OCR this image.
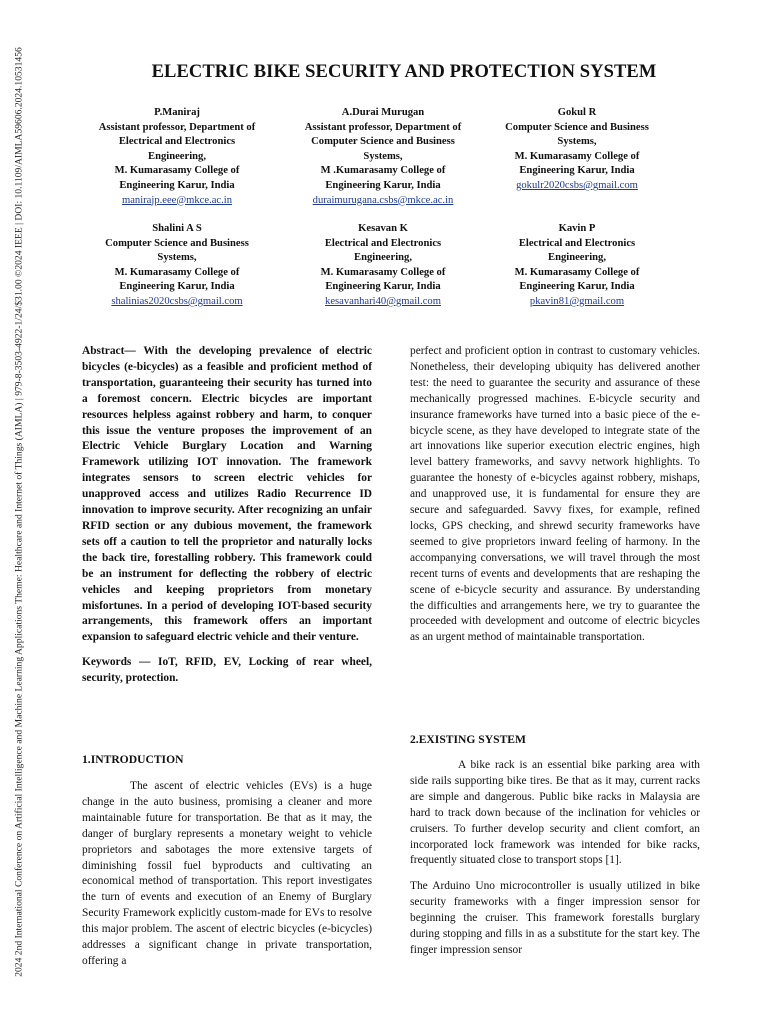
2024 2nd International Conference on Artificial Intelligence and Machine Learning Applications Theme: Healthcare and Internet of Things (AIMLA) | 979-8-3503-4922-1/24/$31.00 ©2024 IEEE | DOI: 10.1109/AIMLA59606.2024.10531456	ELECTRIC BIKE SECURITY AND PROTECTION SYSTEM
P.Maniraj
Assistant professor, Department of
Electrical and Electronics
Engineering,
M. Kumarasamy College of
Engineering Karur, India
manirajp.eee@mkce.ac.in
A.Durai Murugan
Assistant professor, Department of
Computer Science and Business
Systems,
M .Kumarasamy College of
Engineering Karur, India
duraimurugana.csbs@mkce.ac.in
Gokul R
Computer Science and Business
Systems,
M. Kumarasamy College of
Engineering Karur, India
gokulr2020csbs@gmail.com
Shalini A S
Computer Science and Business
Systems,
M. Kumarasamy College of
Engineering Karur, India
shalinias2020csbs@gmail.com
Kesavan K
Electrical and Electronics
Engineering,
M. Kumarasamy College of
Engineering Karur, India
kesavanhari40@gmail.com
Kavin P
Electrical and Electronics
Engineering,
M. Kumarasamy College of
Engineering Karur, India
pkavin81@gmail.com

Abstract— With the developing prevalence of electric bicycles (e-bicycles) as a feasible and proficient method of transportation, guaranteeing their security has turned into a foremost concern. Electric bicycles are important resources helpless against robbery and harm, to conquer this issue the venture proposes the improvement of an Electric Vehicle Burglary Location and Warning Framework utilizing IOT innovation. The framework integrates sensors to screen electric vehicles for unapproved access and utilizes Radio Recurrence ID innovation to improve security. After recognizing an unfair RFID section or any dubious movement, the framework sets off a caution to tell the proprietor and naturally locks the back tire, forestalling robbery. This framework could be an instrument for deflecting the robbery of electric vehicles and keeping proprietors from monetary misfortunes. In a period of developing IOT-based security arrangements, this framework offers an important expansion to safeguard electric vehicle and their venture.

Keywords — IoT, RFID, EV, Locking of rear wheel, security, protection.

1.INTRODUCTION

The ascent of electric vehicles (EVs) is a huge change in the auto business, promising a cleaner and more maintainable future for transportation. Be that as it may, the danger of burglary represents a monetary weight to vehicle proprietors and sabotages the more extensive targets of diminishing fossil fuel byproducts and cultivating an economical method of transportation. This report investigates the turn of events and execution of an Enemy of Burglary Security Framework explicitly custom-made for EVs to resolve this major problem. The ascent of electric bicycles (e-bicycles) addresses a significant change in private transportation, offering a

perfect and proficient option in contrast to customary vehicles. Nonetheless, their developing ubiquity has delivered another test: the need to guarantee the security and assurance of these mechanically progressed machines. E-bicycle security and insurance frameworks have turned into a basic piece of the e-bicycle scene, as they have developed to integrate state of the art innovations like superior execution electric engines, high level battery frameworks, and savvy network highlights. To guarantee the honesty of e-bicycles against robbery, mishaps, and unapproved use, it is fundamental for ensure they are secure and safeguarded. Savvy fixes, for example, refined locks, GPS checking, and shrewd security frameworks have seemed to give proprietors inward feeling of harmony. In the accompanying conversations, we will travel through the most recent turns of events and developments that are reshaping the scene of e-bicycle security and assurance. By understanding the difficulties and arrangements here, we try to guarantee the proceeded with development and outcome of electric bicycles as an urgent method of maintainable transportation.

2.EXISTING SYSTEM

A bike rack is an essential bike parking area with side rails supporting bike tires. Be that as it may, current racks are simple and dangerous. Public bike racks in Malaysia are hard to track down because of the inclination for vehicles or cruisers. To further develop security and client comfort, an incorporated lock framework was intended for bike racks, frequently situated close to transport stops [1].

The Arduino Uno microcontroller is usually utilized in bike security frameworks with a finger impression sensor for beginning the cruiser. This framework forestalls burglary during stopping and fills in as a substitute for the start key. The finger impression sensor
